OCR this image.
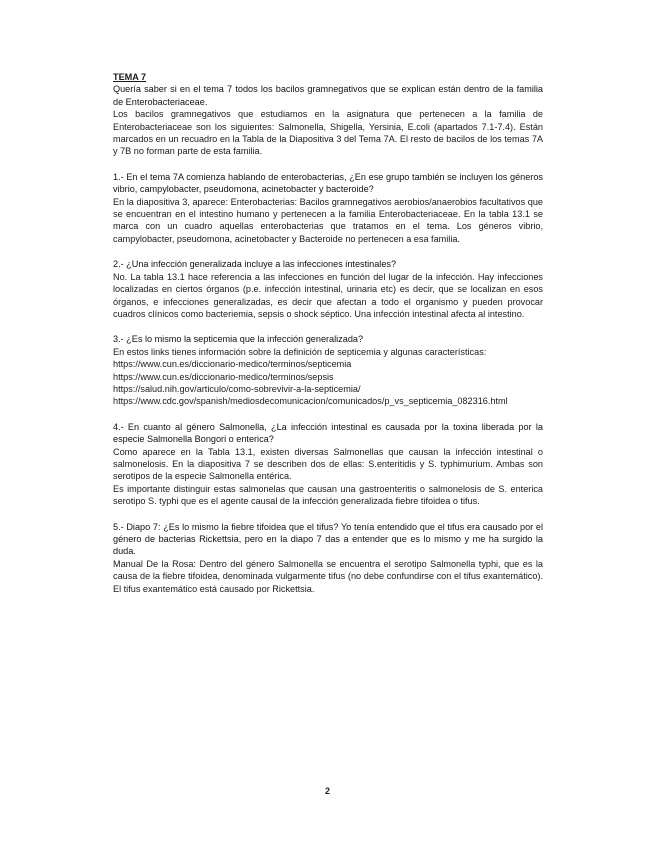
TEMA 7

Quería saber si en el tema 7 todos los bacilos gramnegativos que se explican están dentro de la familia de Enterobacteriaceae.

Los bacilos gramnegativos que estudiamos en la asignatura que pertenecen a la familia de Enterobacteriaceae son los siguientes: Salmonella, Shigella, Yersinia, E.coli (apartados 7.1-7.4). Están marcados en un recuadro en la Tabla de la Diapositiva 3 del Tema 7A. El resto de bacilos de los temas 7A y 7B no forman parte de esta familia.

1.- En el tema 7A comienza hablando de enterobacterias, ¿En ese grupo también se incluyen los géneros vibrio, campylobacter, pseudomona, acinetobacter y bacteroide?

En la diapositiva 3, aparece: Enterobacterias: Bacilos gramnegativos aerobios/anaerobios facultativos que se encuentran en el intestino humano y pertenecen a la familia Enterobacteriaceae. En la tabla 13.1 se marca con un cuadro aquellas enterobacterias que tratamos en el tema. Los géneros vibrio, campylobacter, pseudomona, acinetobacter y Bacteroide no pertenecen a esa familia.

2.- ¿Una infección generalizada incluye a las infecciones intestinales?

No. La tabla 13.1 hace referencia a las infecciones en función del lugar de la infección. Hay infecciones localizadas en ciertos órganos (p.e. infección intestinal, urinaria etc) es decir, que se localizan en esos órganos, e infecciones generalizadas, es decir que afectan a todo el organismo y pueden provocar cuadros clínicos como bacteriemia, sepsis o shock séptico. Una infección intestinal afecta al intestino.

3.- ¿Es lo mismo la septicemia que la infección generalizada?

En estos links tienes información sobre la definición de septicemia y algunas características:

https://www.cun.es/diccionario-medico/terminos/septicemia

https://www.cun.es/diccionario-medico/terminos/sepsis

https://salud.nih.gov/articulo/como-sobrevivir-a-la-septicemia/

https://www.cdc.gov/spanish/mediosdecomunicacion/comunicados/p_vs_septicemia_082316.html

4.- En cuanto al género Salmonella, ¿La infección intestinal es causada por la toxina liberada por la especie Salmonella Bongori o enterica?

Como aparece en la Tabla 13.1, existen diversas Salmonellas que causan la infección intestinal o salmonelosis. En la diapositiva 7 se describen dos de ellas: S.enteritidis y S. typhimurium. Ambas son serotipos de la especie Salmonella entérica.

Es importante distinguir estas salmonelas que causan una gastroenteritis o salmonelosis de S. enterica serotipo S. typhi que es el agente causal de la infección generalizada fiebre tifoidea o tifus.

5.- Diapo 7: ¿Es lo mismo la fiebre tifoidea que el tifus? Yo tenía entendido que el tifus era causado por el género de bacterias Rickettsia, pero en la diapo 7 das a entender que es lo mismo y me ha surgido la duda.

Manual De la Rosa: Dentro del género Salmonella se encuentra el serotipo Salmonella typhi, que es la causa de la fiebre tifoidea, denominada vulgarmente tifus (no debe confundirse con el tifus exantemático). El tifus exantemático está causado por Rickettsia.

2
